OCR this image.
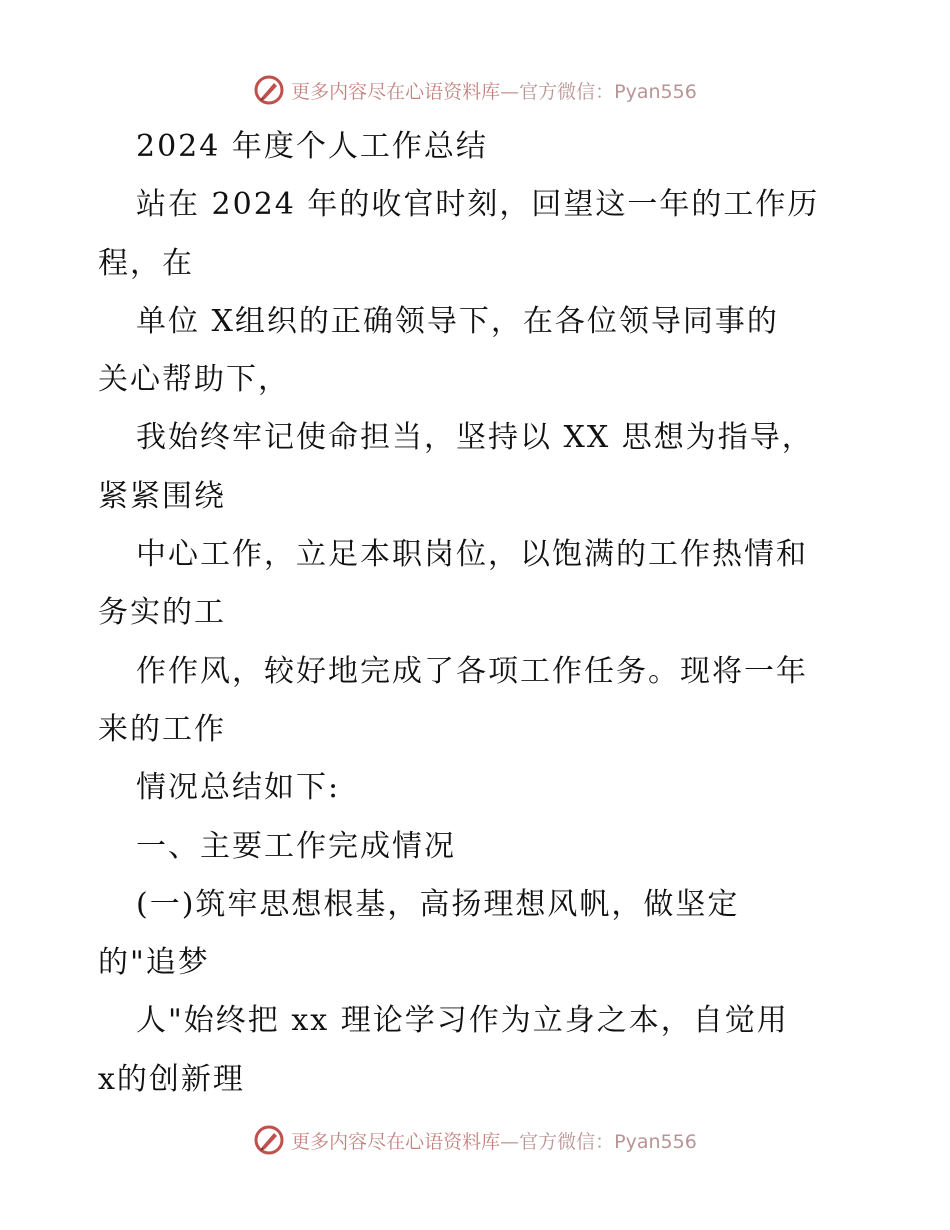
更多内容尽在心语资料库—官方微信：Pyan556
2024 年度个人工作总结
站在 2024 年的收官时刻，回望这一年的工作历
程，在
单位 X组织的正确领导下，在各位领导同事的
关心帮助下，
我始终牢记使命担当，坚持以 XX 思想为指导，
紧紧围绕
中心工作，立足本职岗位，以饱满的工作热情和
务实的工
作作风，较好地完成了各项工作任务。现将一年
来的工作
情况总结如下:
一、主要工作完成情况
(一)筑牢思想根基，高扬理想风帆，做坚定
的"追梦
人"始终把 xx 理论学习作为立身之本，自觉用
x的创新理
更多内容尽在心语资料库—官方微信：Pyan556
